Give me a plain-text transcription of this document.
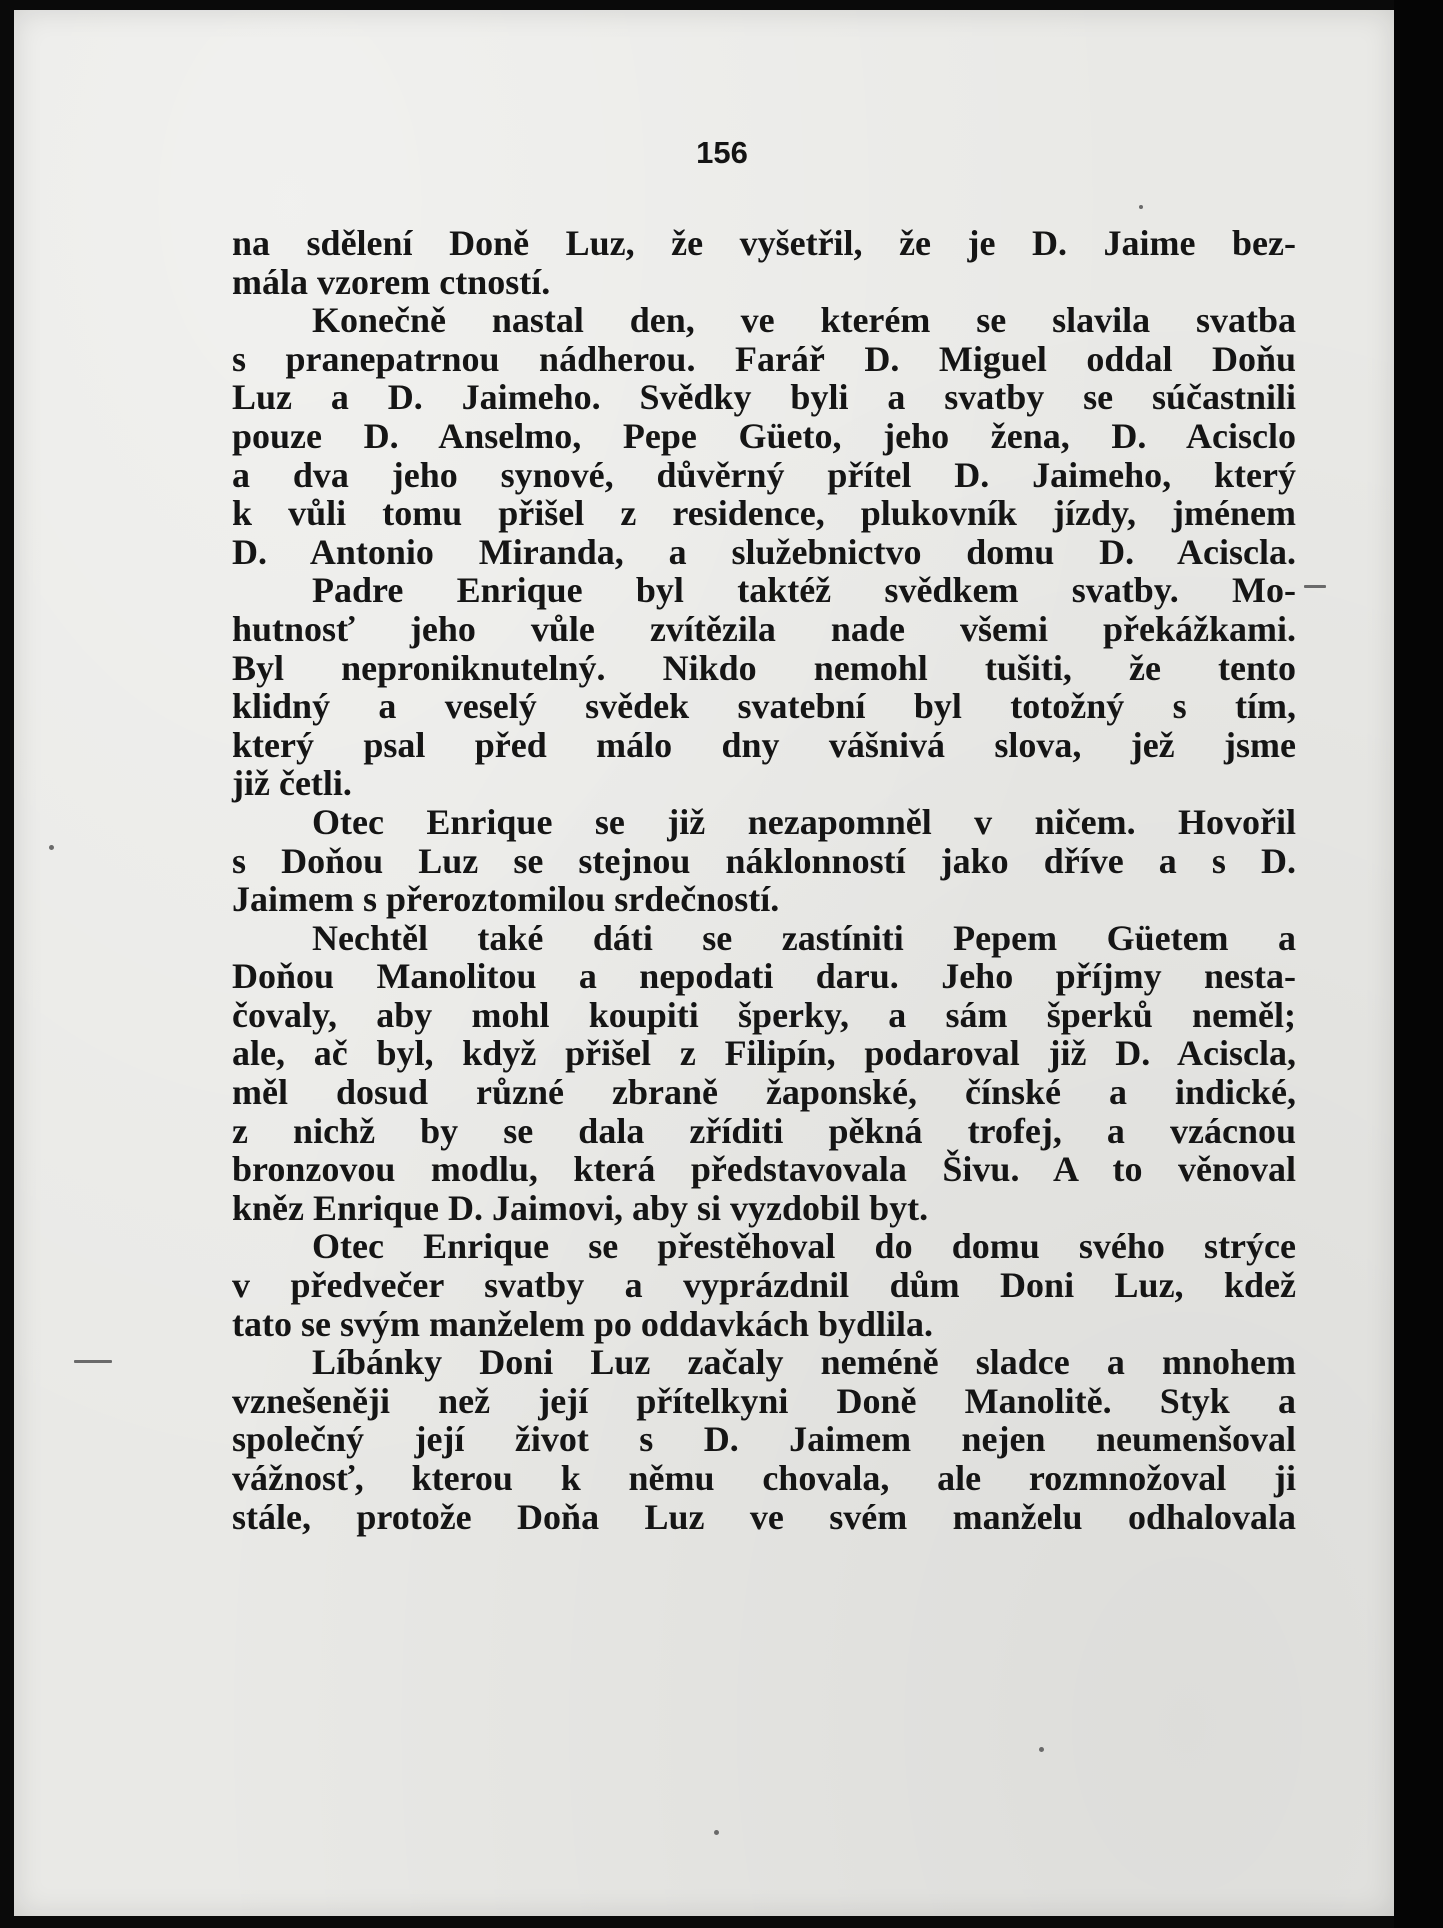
156
na sdělení Doně Luz, že vyšetřil, že je D. Jaime bez-
mála vzorem ctností.
Konečně nastal den, ve kterém se slavila svatba
s pranepatrnou nádherou. Farář D. Miguel oddal Doňu
Luz a D. Jaimeho. Svědky byli a svatby se súčastnili
pouze D. Anselmo, Pepe Güeto, jeho žena, D. Acisclo
a dva jeho synové, důvěrný přítel D. Jaimeho, který
k vůli tomu přišel z residence, plukovník jízdy, jménem
D. Antonio Miranda, a služebnictvo domu D. Aciscla.
Padre Enrique byl taktéž svědkem svatby. Mo-
hutnosť jeho vůle zvítězila nade všemi překážkami.
Byl neproniknutelný. Nikdo nemohl tušiti, že tento
klidný a veselý svědek svatební byl totožný s tím,
který psal před málo dny vášnivá slova, jež jsme
již četli.
Otec Enrique se již nezapomněl v ničem. Hovořil
s Doňou Luz se stejnou náklonností jako dříve a s D.
Jaimem s přeroztomilou srdečností.
Nechtěl také dáti se zastíniti Pepem Güetem a
Doňou Manolitou a nepodati daru. Jeho příjmy nesta-
čovaly, aby mohl koupiti šperky, a sám šperků neměl;
ale, ač byl, když přišel z Filipín, podaroval již D. Aciscla,
měl dosud různé zbraně žaponské, čínské a indické,
z nichž by se dala zříditi pěkná trofej, a vzácnou
bronzovou modlu, která představovala Šivu. A to věnoval
kněz Enrique D. Jaimovi, aby si vyzdobil byt.
Otec Enrique se přestěhoval do domu svého strýce
v předvečer svatby a vyprázdnil dům Doni Luz, kdež
tato se svým manželem po oddavkách bydlila.
Líbánky Doni Luz začaly neméně sladce a mnohem
vznešeněji než její přítelkyni Doně Manolitě. Styk a
společný její život s D. Jaimem nejen neumenšoval
vážnosť, kterou k němu chovala, ale rozmnožoval ji
stále, protože Doňa Luz ve svém manželu odhalovala
